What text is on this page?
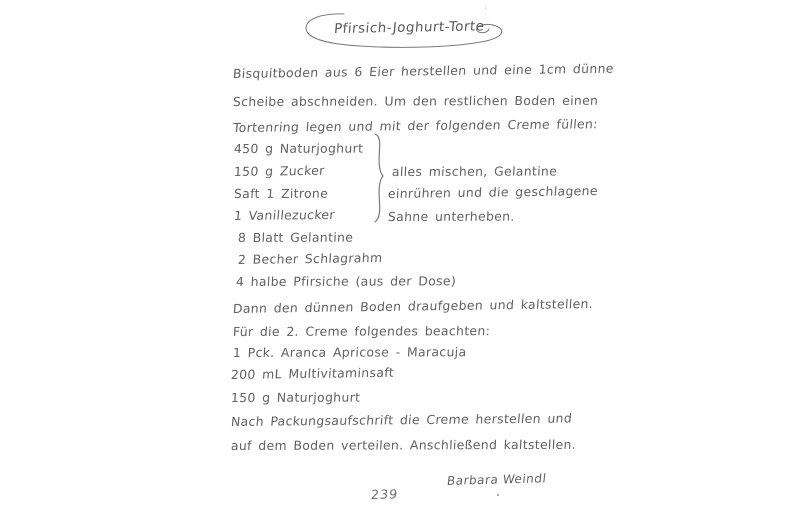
Pfirsich-Joghurt-Torte
Bisquitboden aus 6 Eier herstellen und eine 1cm dünne
Scheibe abschneiden. Um den restlichen Boden einen
Tortenring legen und mit der folgenden Creme füllen:
450 g Naturjoghurt
150 g Zucker
Saft 1 Zitrone
1 Vanillezucker
8 Blatt Gelantine
2 Becher Schlagrahm
4 halbe Pfirsiche (aus der Dose)
alles mischen, Gelantine
einrühren und die geschlagene
Sahne unterheben.
Dann den dünnen Boden draufgeben und kaltstellen.
Für die 2. Creme folgendes beachten:
1 Pck. Aranca Apricose - Maracuja
200 mL Multivitaminsaft
150 g Naturjoghurt
Nach Packungsaufschrift die Creme herstellen und
auf dem Boden verteilen. Anschließend kaltstellen.
Barbara Weindl
239
